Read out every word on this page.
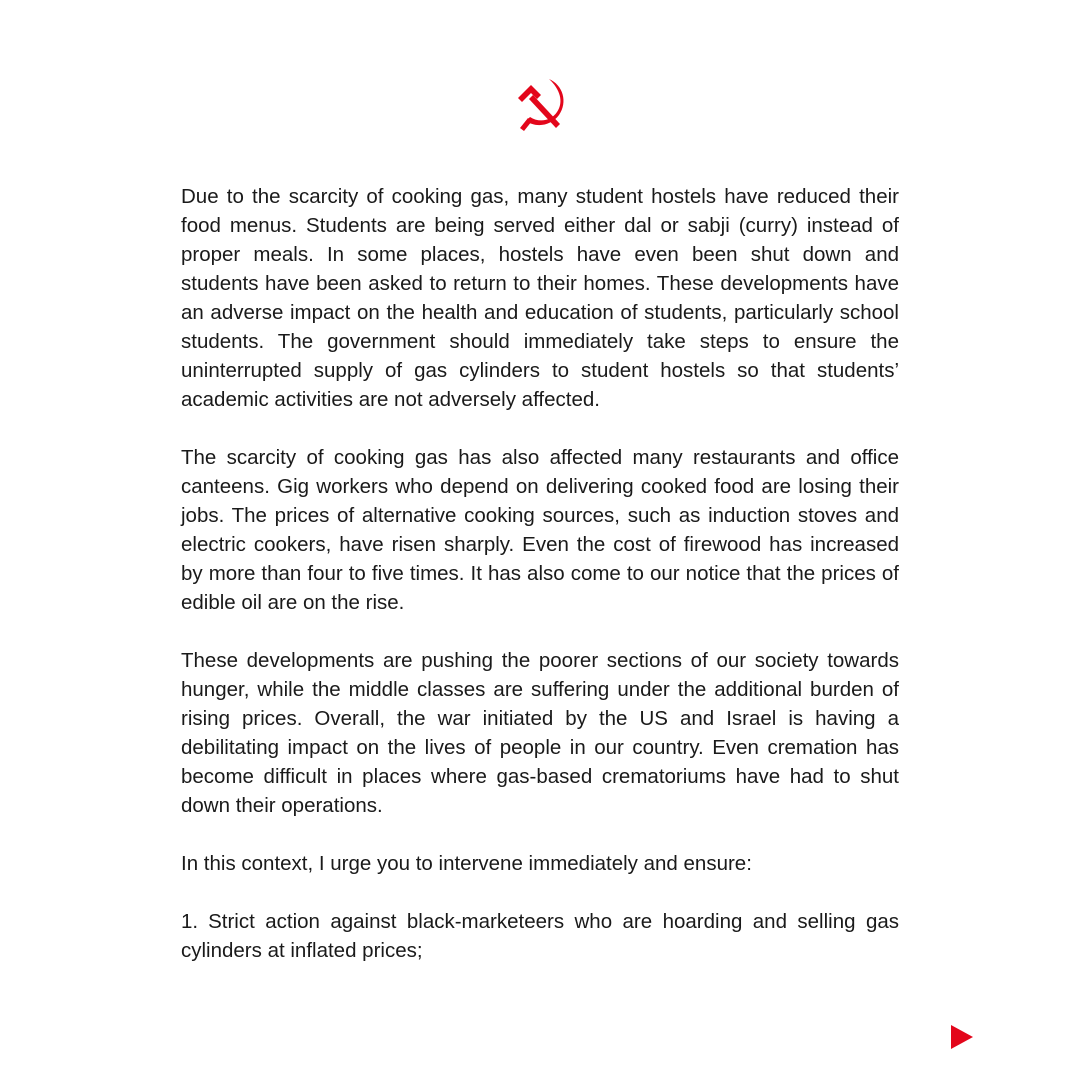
Due to the scarcity of cooking gas, many student hostels have reduced their food menus. Students are being served either dal or sabji (curry) instead of proper meals. In some places, hostels have even been shut down and students have been asked to return to their homes. These developments have an adverse impact on the health and education of students, particularly school students. The government should immediately take steps to ensure the uninterrupted supply of gas cylinders to student hostels so that students’ academic activities are not adversely affected.

The scarcity of cooking gas has also affected many restaurants and office canteens. Gig workers who depend on delivering cooked food are losing their jobs. The prices of alternative cooking sources, such as induction stoves and electric cookers, have risen sharply. Even the cost of firewood has increased by more than four to five times. It has also come to our notice that the prices of edible oil are on the rise.

These developments are pushing the poorer sections of our society towards hunger, while the middle classes are suffering under the additional burden of rising prices. Overall, the war initiated by the US and Israel is having a debilitating impact on the lives of people in our country. Even cremation has become difficult in places where gas-based crematoriums have had to shut down their operations.

In this context, I urge you to intervene immediately and ensure:

1. Strict action against black-marketeers who are hoarding and selling gas cylinders at inflated prices;
